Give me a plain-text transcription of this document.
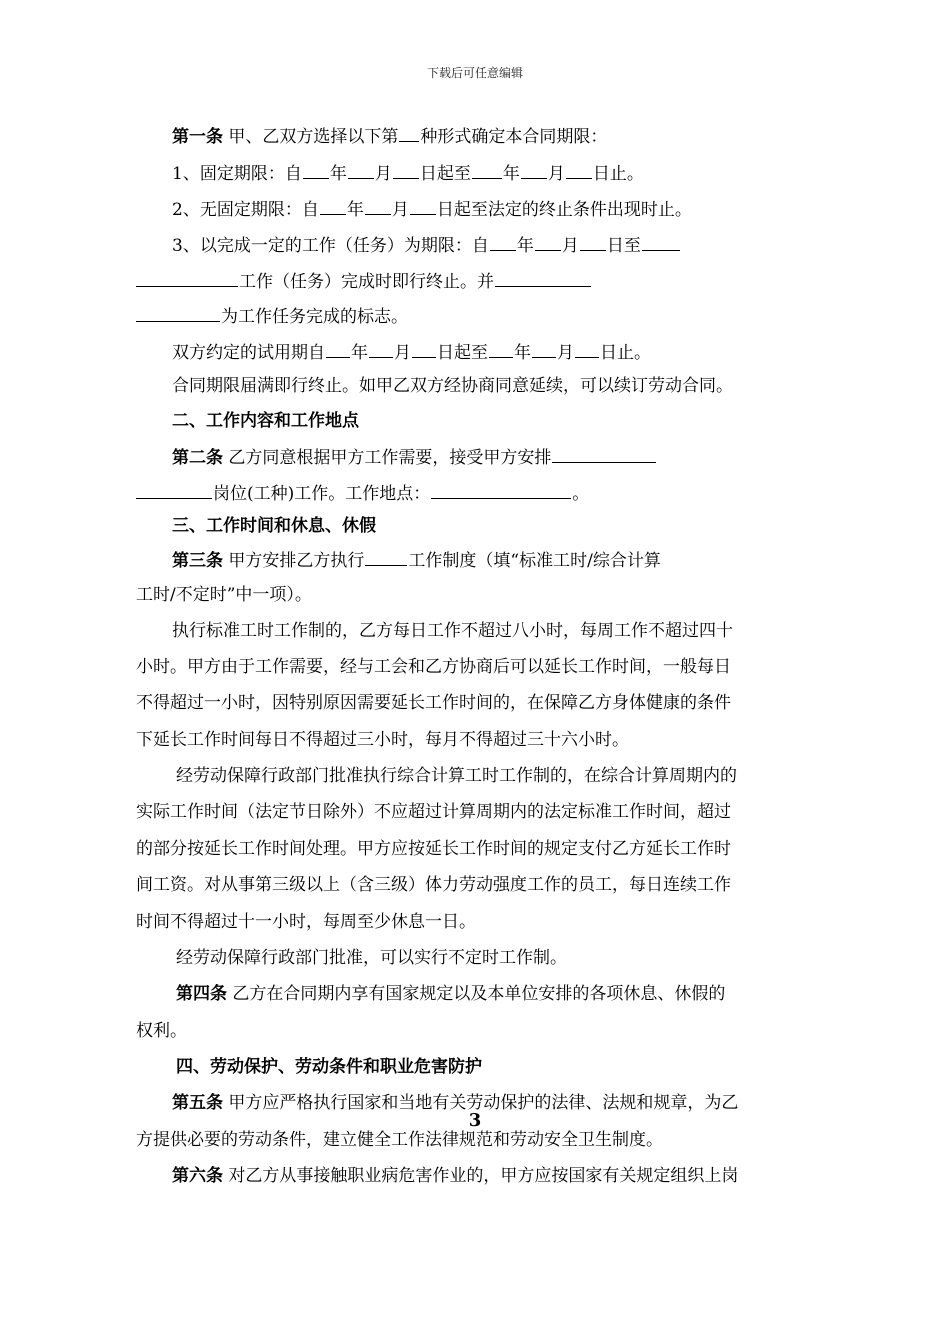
下载后可任意编辑
第一条 甲、乙双方选择以下第 种形式确定本合同期限：
1、固定期限：自 年 月 日起至 年 月 日止。
2、无固定期限：自 年 月 日起至法定的终止条件出现时止。
3、以完成一定的工作（任务）为期限：自 年 月 日至
工作（任务）完成时即行终止。并
为工作任务完成的标志。
双方约定的试用期自 年 月 日起至 年 月 日止。
合同期限届满即行终止。如甲乙双方经协商同意延续，可以续订劳动合同。
二、工作内容和工作地点
第二条 乙方同意根据甲方工作需要，接受甲方安排
岗位(工种)工作。工作地点：	。
三、工作时间和休息、休假
第三条 甲方安排乙方执行	工作制度（填“标准工时/综合计算
工时/不定时”中一项）。
执行标准工时工作制的，乙方每日工作不超过八小时，每周工作不超过四十
小时。甲方由于工作需要，经与工会和乙方协商后可以延长工作时间，一般每日
不得超过一小时，因特别原因需要延长工作时间的，在保障乙方身体健康的条件
下延长工作时间每日不得超过三小时，每月不得超过三十六小时。
经劳动保障行政部门批准执行综合计算工时工作制的，在综合计算周期内的
实际工作时间（法定节日除外）不应超过计算周期内的法定标准工作时间，超过
的部分按延长工作时间处理。甲方应按延长工作时间的规定支付乙方延长工作时
间工资。对从事第三级以上（含三级）体力劳动强度工作的员工，每日连续工作
时间不得超过十一小时，每周至少休息一日。
经劳动保障行政部门批准，可以实行不定时工作制。
第四条 乙方在合同期内享有国家规定以及本单位安排的各项休息、休假的
权利。
四、劳动保护、劳动条件和职业危害防护
第五条 甲方应严格执行国家和当地有关劳动保护的法律、法规和规章，为乙
3
方提供必要的劳动条件，建立健全工作法律规范和劳动安全卫生制度。
第六条 对乙方从事接触职业病危害作业的，甲方应按国家有关规定组织上岗
